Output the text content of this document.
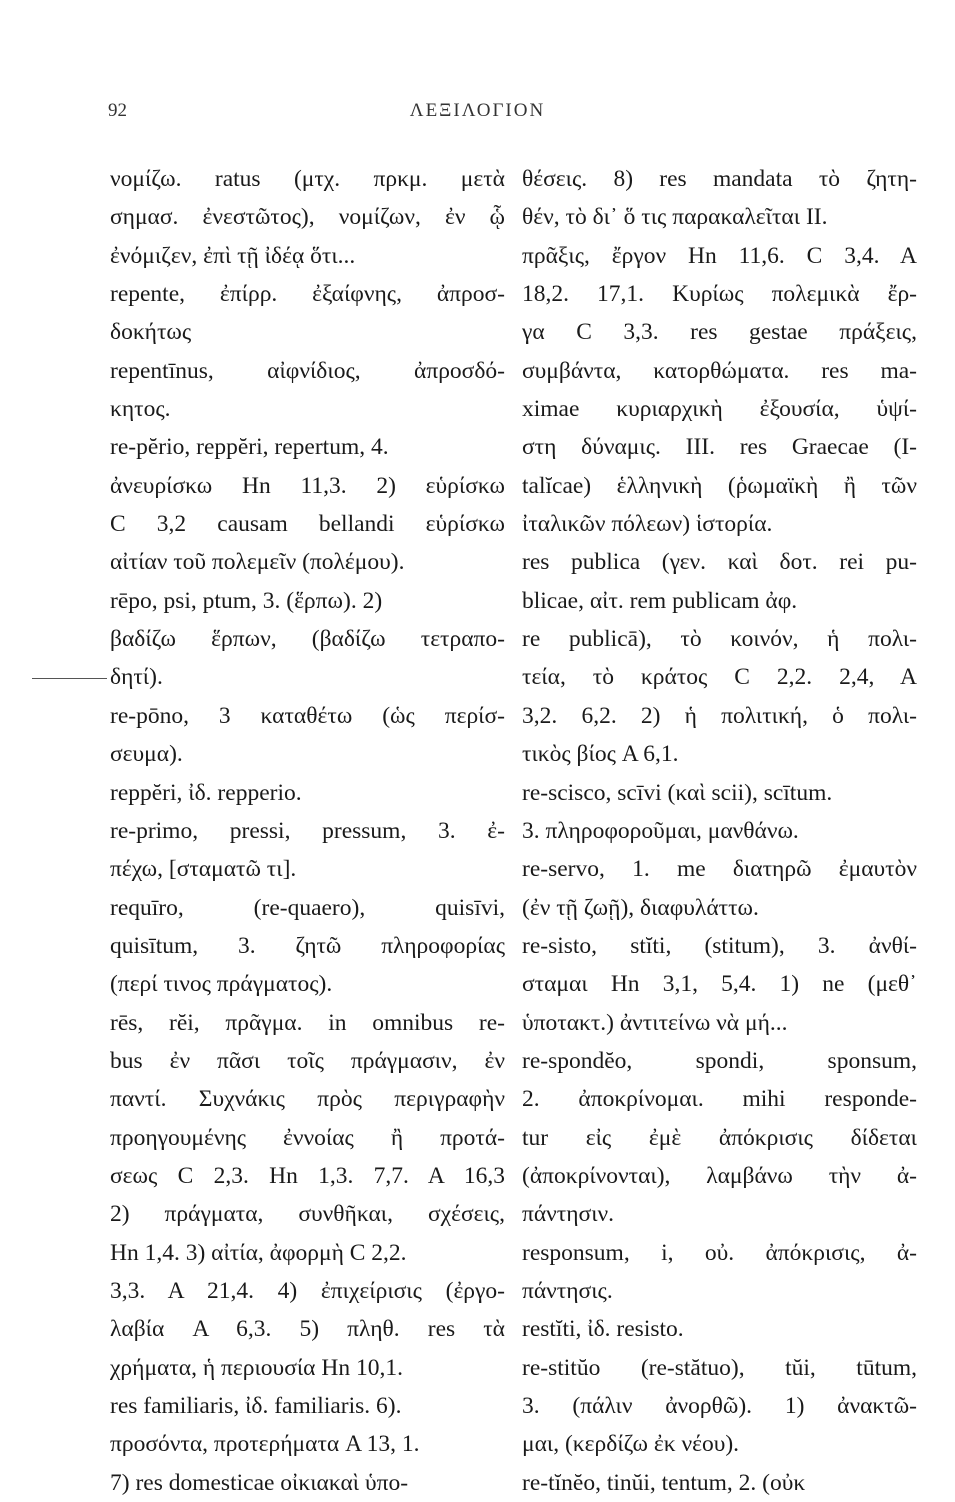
92	ΛΕΞΙΛΟΓΙΟΝ
νομίζω. ratus (μτχ. πρκμ. μετὰ
σημασ. ἐνεστῶτος), νομίζων, ἐν ᾧ
ἐνόμιζεν, ἐπὶ τῇ ἰδέᾳ ὅτι...
repente, ἐπίρρ. ἐξαίφνης, ἀπροσ-
δοκήτως
repentīnus, αἰφνίδιος, ἀπροσδό-
κητος.
re-pĕrio, reppĕri, repertum, 4.
ἀνευρίσκω Hn 11,3. 2) εὑρίσκω
C 3,2 causam bellandi εὑρίσκω
αἰτίαν τοῦ πολεμεῖν (πολέμου).
rēpo, psi, ptum, 3. (ἕρπω). 2)
βαδίζω ἕρπων, (βαδίζω τετραπο-
δητί).
re-pōno, 3 καταθέτω (ὡς περίσ-
σευμα).
reppĕri, ἰδ. repperio.
re-primo, pressi, pressum, 3. ἐ-
πέχω, [σταματῶ τι].
requīro, (re-quaero), quisīvi,
quisītum, 3. ζητῶ πληροφορίας
(περί τινος πράγματος).
rēs, rĕi, πρᾶγμα. in omnibus re-
bus ἐν πᾶσι τοῖς πράγμασιν, ἐν
παντί. Συχνάκις πρὸς περιγραφὴν
προηγουμένης ἐννοίας ἢ προτά-
σεως C 2,3. Hn 1,3. 7,7. A 16,3
2) πράγματα, συνθῆκαι, σχέσεις,
Hn 1,4. 3) αἰτία, ἀφορμὴ C 2,2.
3,3. A 21,4. 4) ἐπιχείρισις (ἐργο-
λαβία A 6,3. 5) πληθ. res τὰ
χρήματα, ἡ περιουσία Hn 10,1.
res familiaris, ἰδ. familiaris. 6).
προσόντα, προτερήματα A 13, 1.
7) res domesticae οἰκιακαὶ ὑπο-
θέσεις. 8) res mandata τὸ ζητη-
θέν, τὸ δι᾽ ὅ τις παρακαλεῖται II.
πρᾶξις, ἔργον Hn 11,6. C 3,4. A
18,2. 17,1. Κυρίως πολεμικὰ ἔρ-
γα C 3,3. res gestae πράξεις,
συμβάντα, κατορθώματα. res ma-
ximae κυριαρχικὴ ἐξουσία, ὑψί-
στη δύναμις. III. res Graecae (I-
talĭcae) ἑλληνικὴ (ῥωμαϊκὴ ἢ τῶν
ἰταλικῶν πόλεων) ἱστορία.
res publica (γεν. καὶ δοτ. rei pu-
blicae, αἰτ. rem publicam ἀφ.
re publicā), τὸ κοινόν, ἡ πολι-
τεία, τὸ κράτος C 2,2. 2,4, A
3,2. 6,2. 2) ἡ πολιτική, ὁ πολι-
τικὸς βίος A 6,1.
re-scisco, scīvi (καὶ scii), scītum.
3. πληροφοροῦμαι, μανθάνω.
re-servo, 1. me διατηρῶ ἐμαυτὸν
(ἐν τῇ ζωῇ), διαφυλάττω.
re-sisto, stĭti, (stitum), 3. ἀνθί-
σταμαι Hn 3,1, 5,4. 1) ne (μεθ᾽
ὑποτακτ.) ἀντιτείνω νὰ μή...
re-spondĕo, spondi, sponsum,
2. ἀποκρίνομαι. mihi responde-
tur εἰς ἐμὲ ἀπόκρισις δίδεται
(ἀποκρίνονται), λαμβάνω τὴν ἀ-
πάντησιν.
responsum, i, οὐ. ἀπόκρισις, ἀ-
πάντησις.
restĭti, ἰδ. resisto.
re-stitŭo (re-stătuo), tŭi, tūtum,
3. (πάλιν ἀνορθῶ). 1) ἀνακτῶ-
μαι, (κερδίζω ἐκ νέου).
re-tĭnĕo, tinŭi, tentum, 2. (οὐκ
